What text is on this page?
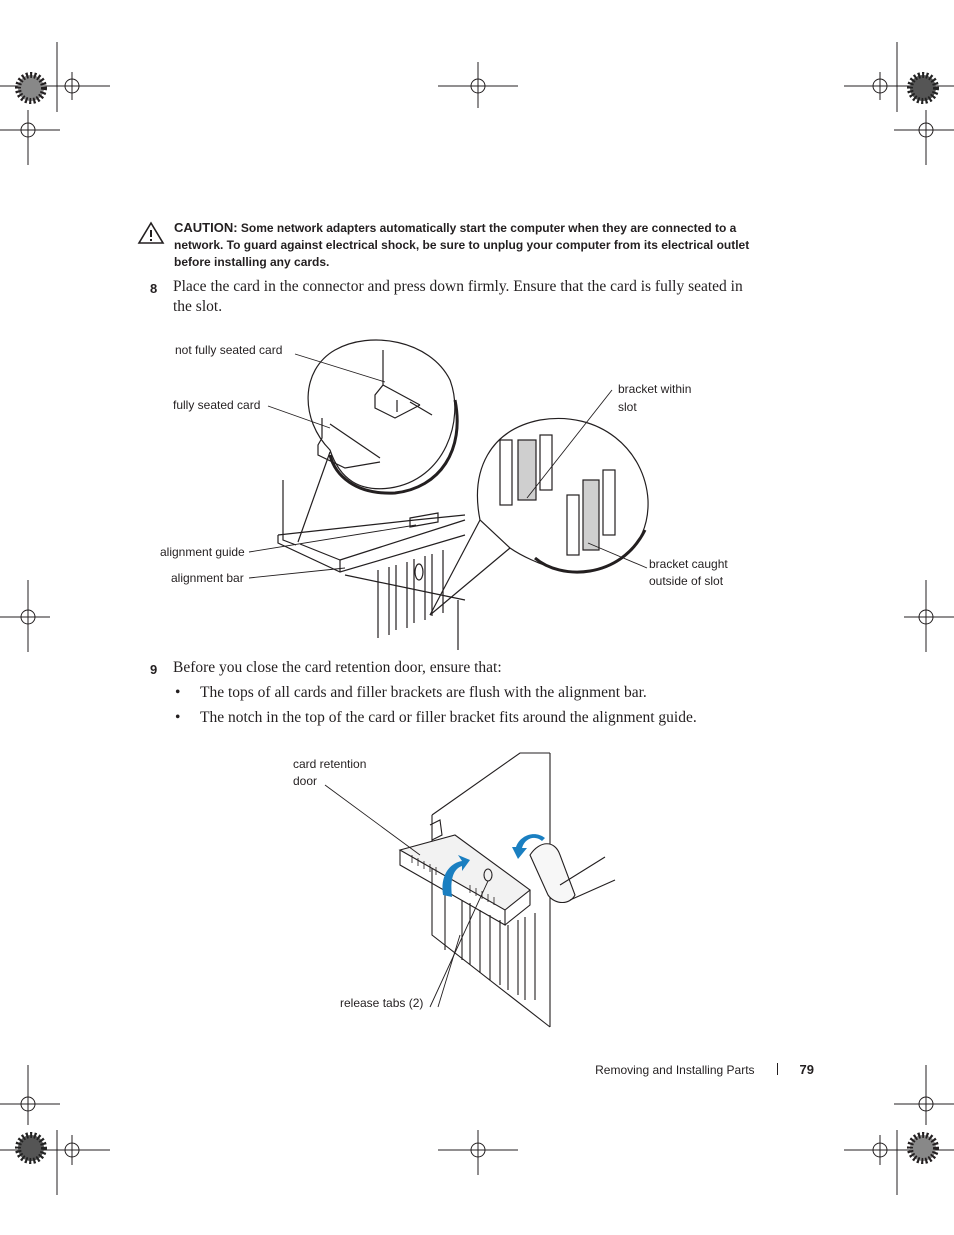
CAUTION: Some network adapters automatically start the computer when they are connected to a network. To guard against electrical shock, be sure to unplug your computer from its electrical outlet before installing any cards.
8 Place the card in the connector and press down firmly. Ensure that the card is fully seated in the slot.
not fully seated card
fully seated card
bracket within
slot
alignment guide
alignment bar
bracket caught
outside of slot
9 Before you close the card retention door, ensure that:
• The tops of all cards and filler brackets are flush with the alignment bar.
• The notch in the top of the card or filler bracket fits around the alignment guide.
card retention
door
release tabs (2)
Removing and Installing Parts	79
